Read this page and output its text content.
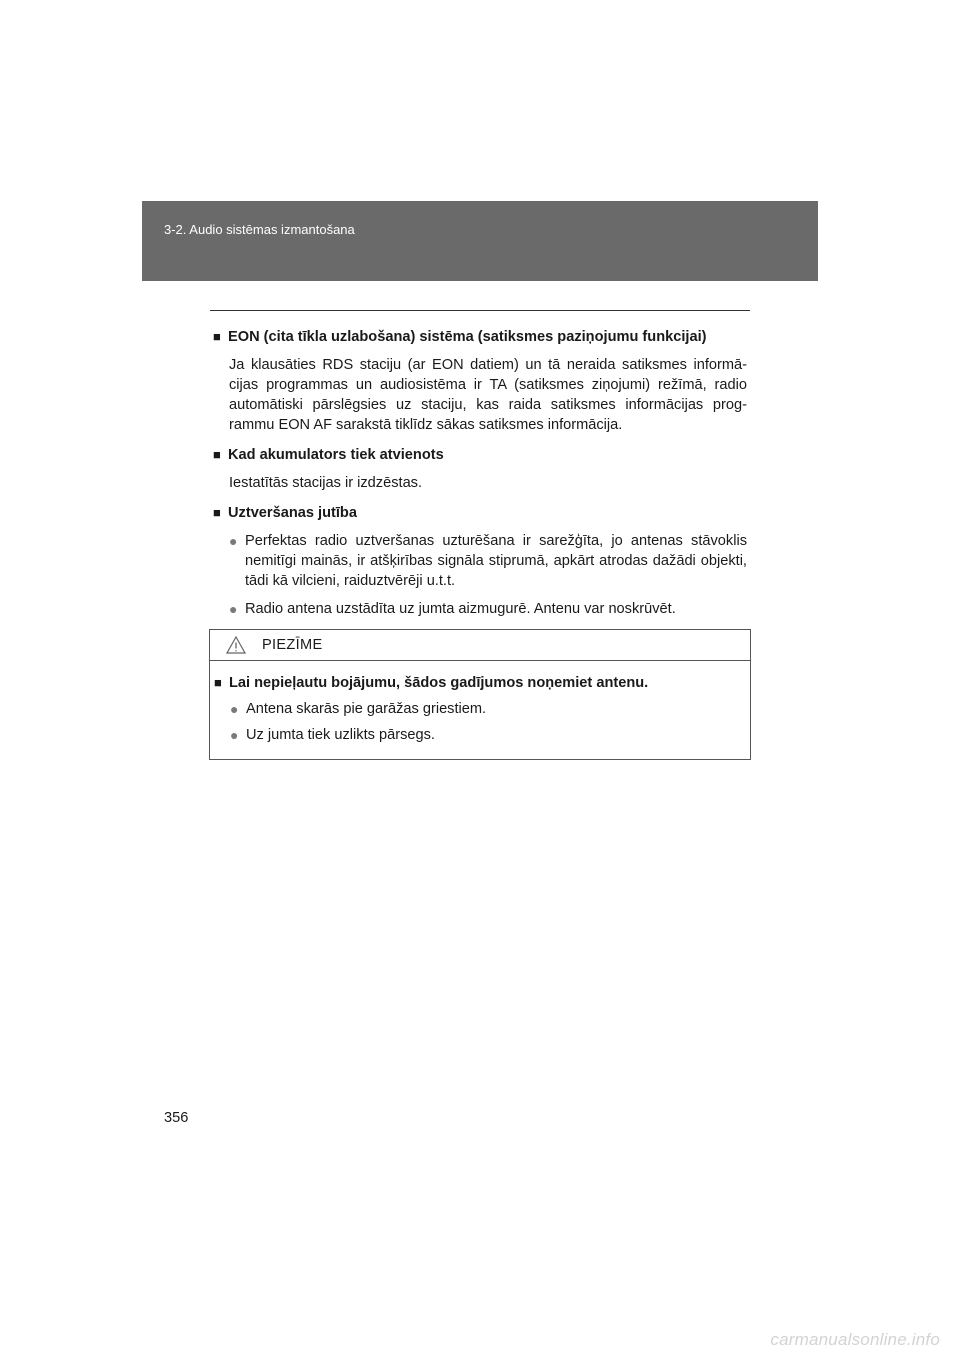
3-2. Audio sistēmas izmantošana
■ EON (cita tīkla uzlabošana) sistēma (satiksmes paziņojumu funkcijai)
Ja klausāties RDS staciju (ar EON datiem) un tā neraida satiksmes informā-cijas programmas un audiosistēma ir TA (satiksmes ziņojumi) režīmā, radio automātiski pārslēgsies uz staciju, kas raida satiksmes informācijas prog-rammu EON AF sarakstā tiklīdz sākas satiksmes informācija.
■ Kad akumulators tiek atvienots
Iestatītās stacijas ir izdzēstas.
■ Uztveršanas jutība
● Perfektas radio uztveršanas uzturēšana ir sarežģīta, jo antenas stāvoklis nemitīgi mainās, ir atšķirības signāla stiprumā, apkārt atrodas dažādi objekti, tādi kā vilcieni, raiduztvērēji u.t.t.
● Radio antena uzstādīta uz jumta aizmugurē. Antenu var noskrūvēt.
PIEZĪME
■ Lai nepieļautu bojājumu, šādos gadījumos noņemiet antenu.
● Antena skarās pie garāžas griestiem.
● Uz jumta tiek uzlikts pārsegs.
356
carmanualsonline.info
